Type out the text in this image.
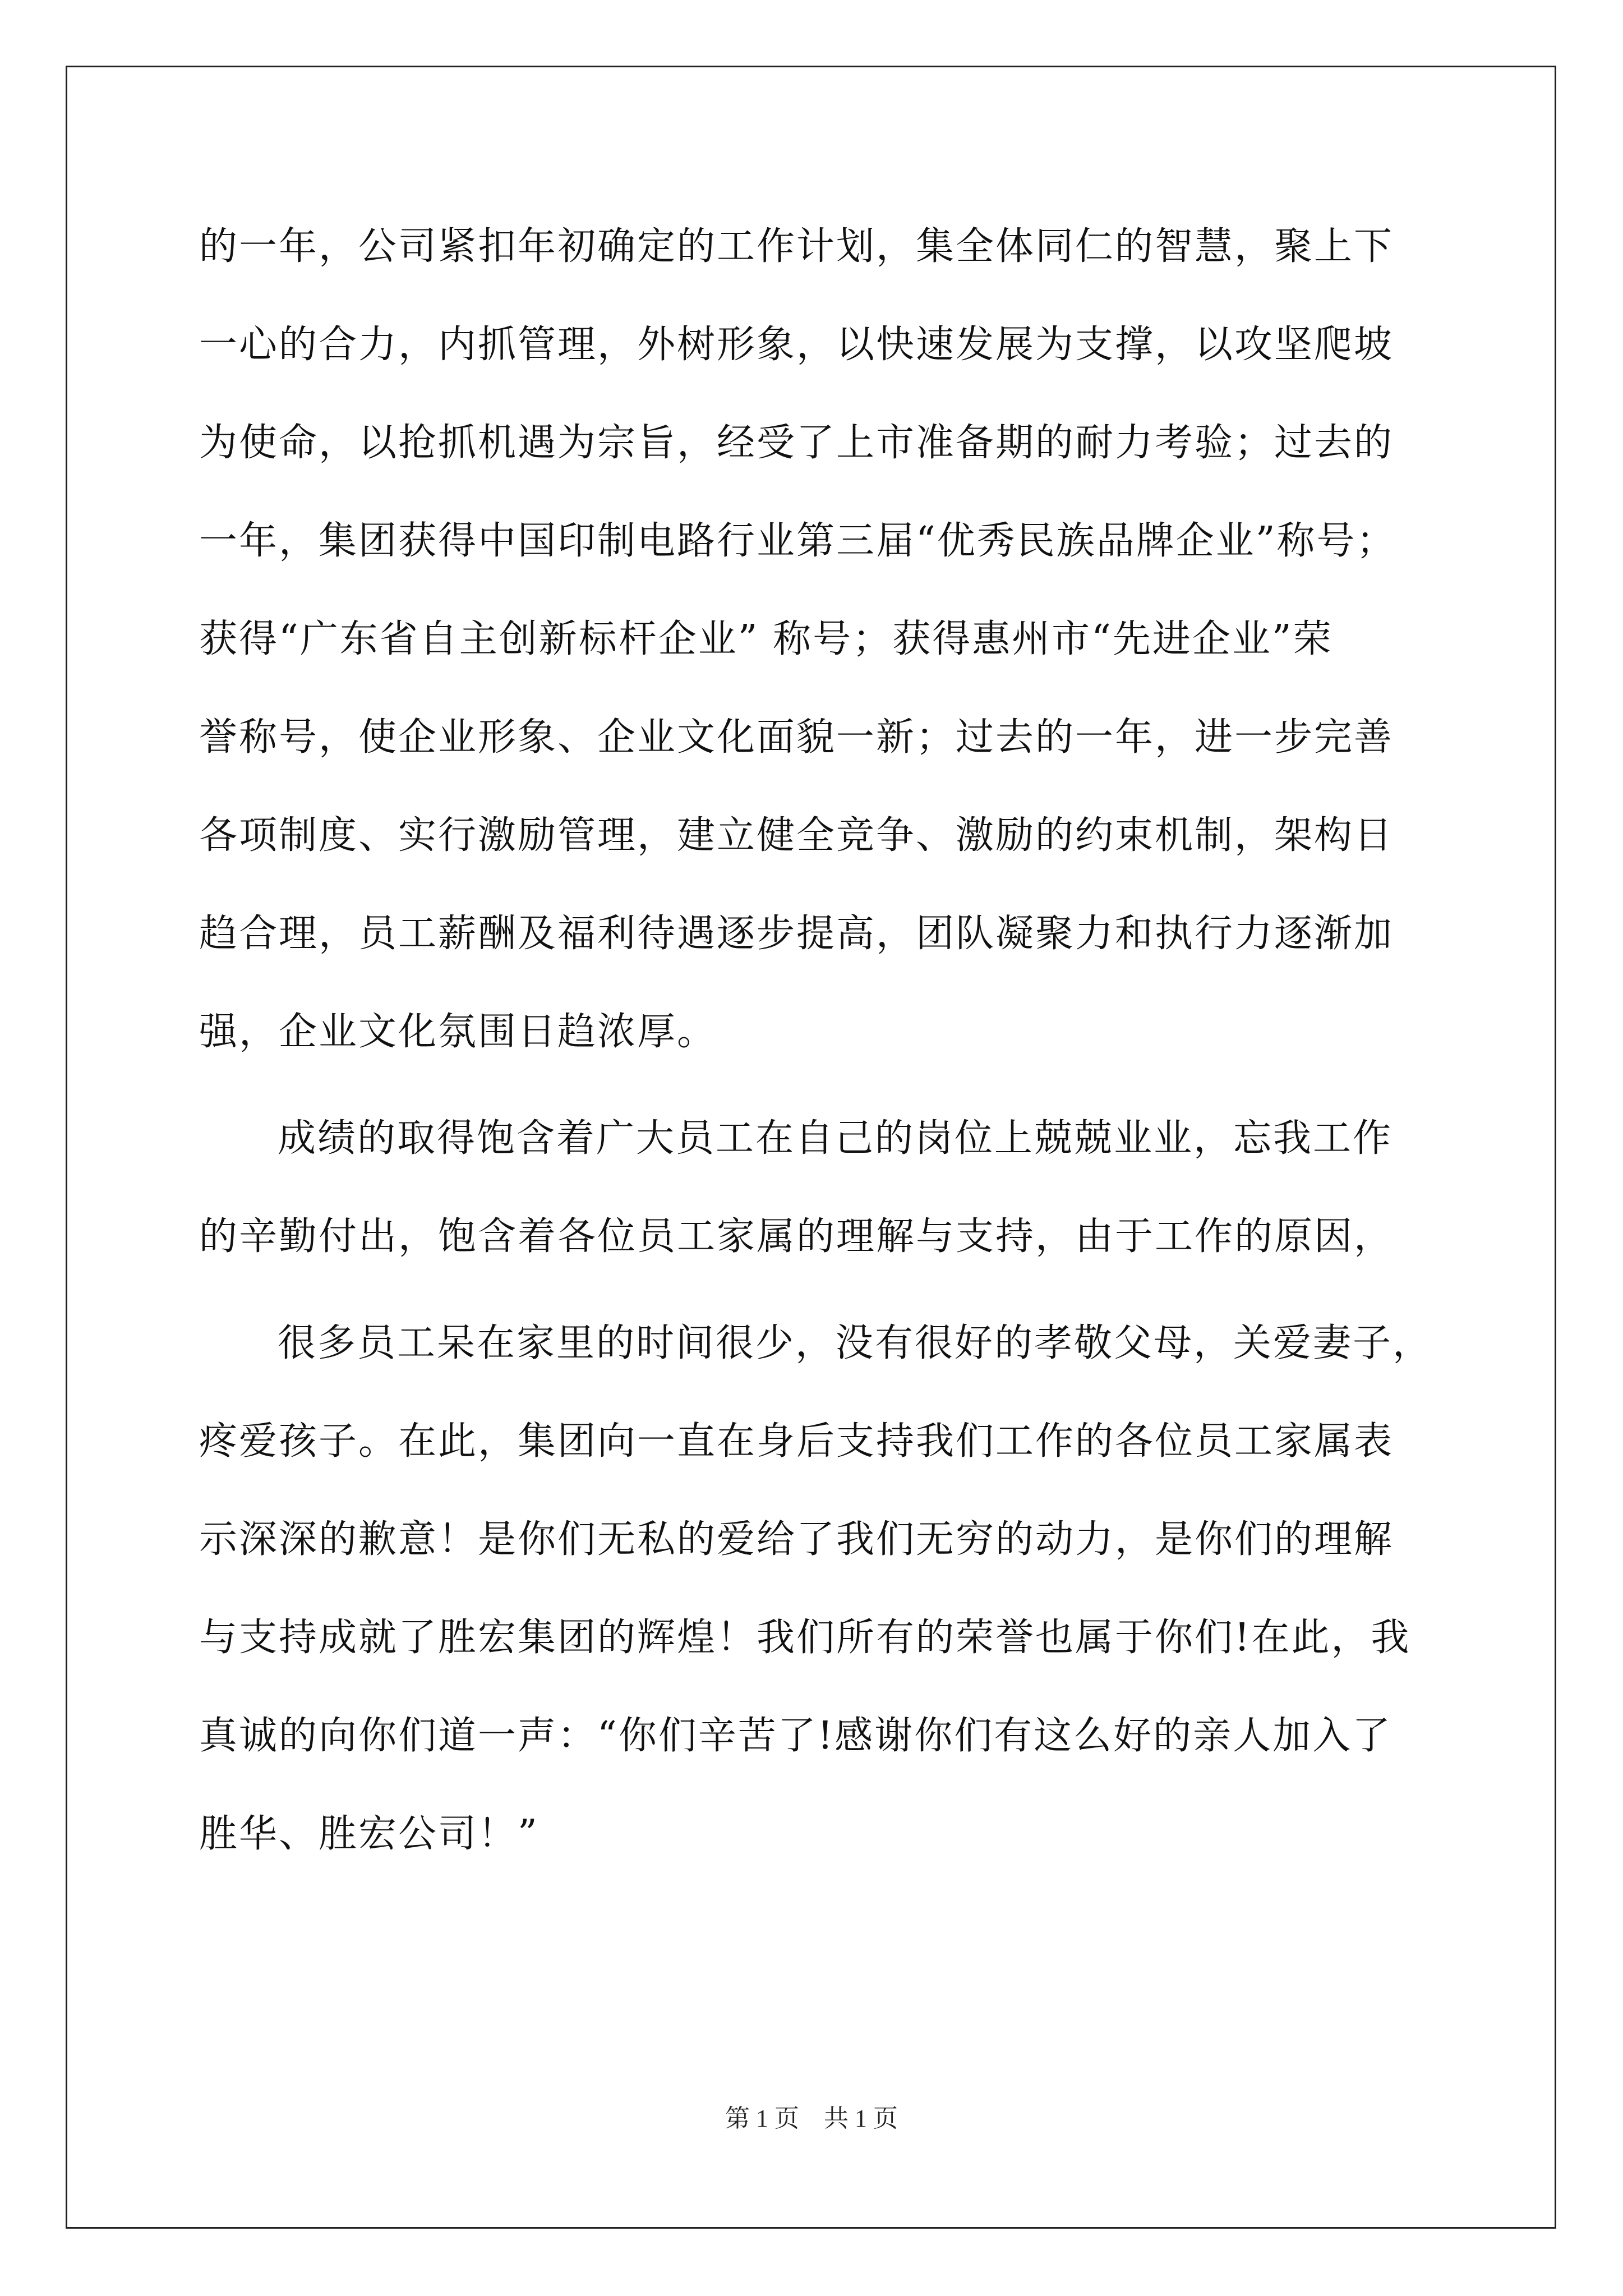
的一年，公司紧扣年初确定的工作计划，集全体同仁的智慧，聚上下
一心的合力，内抓管理，外树形象，以快速发展为支撑，以攻坚爬坡
为使命，以抢抓机遇为宗旨，经受了上市准备期的耐力考验；过去的
一年，集团获得中国印制电路行业第三届“优秀民族品牌企业”称号；
获得“广东省自主创新标杆企业” 称号；获得惠州市“先进企业”荣
誉称号，使企业形象、企业文化面貌一新；过去的一年，进一步完善
各项制度、实行激励管理，建立健全竞争、激励的约束机制，架构日
趋合理，员工薪酬及福利待遇逐步提高，团队凝聚力和执行力逐渐加
强，企业文化氛围日趋浓厚。
成绩的取得饱含着广大员工在自己的岗位上兢兢业业，忘我工作
的辛勤付出，饱含着各位员工家属的理解与支持，由于工作的原因，
很多员工呆在家里的时间很少，没有很好的孝敬父母，关爱妻子，
疼爱孩子。在此，集团向一直在身后支持我们工作的各位员工家属表
示深深的歉意！是你们无私的爱给了我们无穷的动力，是你们的理解
与支持成就了胜宏集团的辉煌！我们所有的荣誉也属于你们!在此，我
真诚的向你们道一声：“你们辛苦了!感谢你们有这么好的亲人加入了
胜华、胜宏公司！”
第 1 页　共 1 页
